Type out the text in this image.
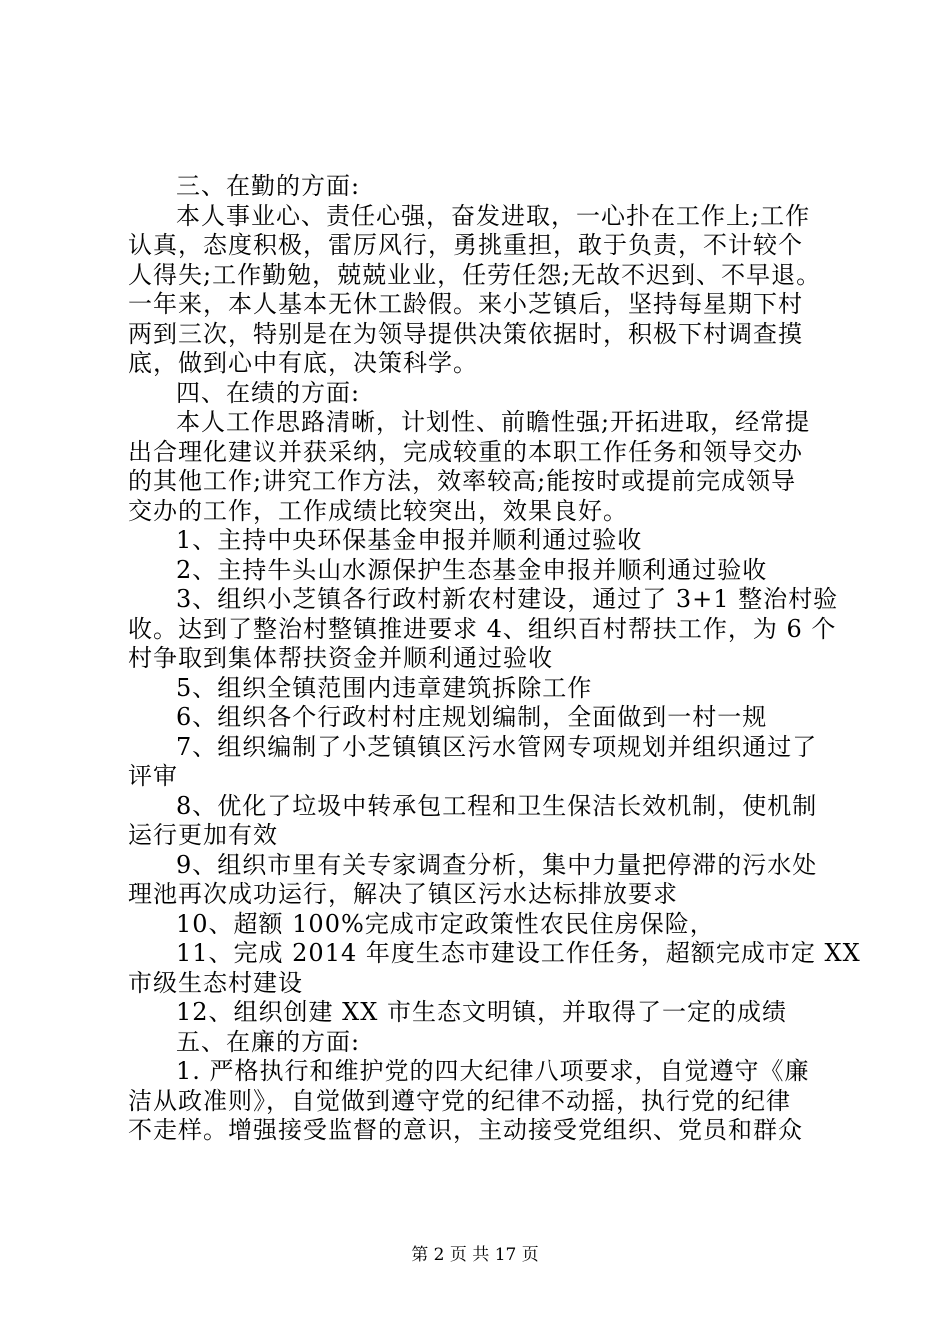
三、在勤的方面:
本人事业心、责任心强，奋发进取，一心扑在工作上;工作
认真，态度积极，雷厉风行，勇挑重担，敢于负责，不计较个
人得失;工作勤勉，兢兢业业，任劳任怨;无故不迟到、不早退。
一年来，本人基本无休工龄假。来小芝镇后，坚持每星期下村
两到三次，特别是在为领导提供决策依据时，积极下村调查摸
底，做到心中有底，决策科学。
四、在绩的方面:
本人工作思路清晰，计划性、前瞻性强;开拓进取，经常提
出合理化建议并获采纳，完成较重的本职工作任务和领导交办
的其他工作;讲究工作方法，效率较高;能按时或提前完成领导
交办的工作，工作成绩比较突出，效果良好。
1、主持中央环保基金申报并顺利通过验收
2、主持牛头山水源保护生态基金申报并顺利通过验收
3、组织小芝镇各行政村新农村建设，通过了 3+1 整治村验
收。达到了整治村整镇推进要求 4、组织百村帮扶工作，为 6 个
村争取到集体帮扶资金并顺利通过验收
5、组织全镇范围内违章建筑拆除工作
6、组织各个行政村村庄规划编制，全面做到一村一规
7、组织编制了小芝镇镇区污水管网专项规划并组织通过了
评审
8、优化了垃圾中转承包工程和卫生保洁长效机制，使机制
运行更加有效
9、组织市里有关专家调查分析，集中力量把停滞的污水处
理池再次成功运行，解决了镇区污水达标排放要求
10、超额 100%完成市定政策性农民住房保险，
11、完成 2014 年度生态市建设工作任务，超额完成市定 XX
市级生态村建设
12、组织创建 XX 市生态文明镇，并取得了一定的成绩
五、在廉的方面:
1. 严格执行和维护党的四大纪律八项要求，自觉遵守《廉
洁从政准则》，自觉做到遵守党的纪律不动摇，执行党的纪律
不走样。增强接受监督的意识，主动接受党组织、党员和群众
第 2 页 共 17 页
